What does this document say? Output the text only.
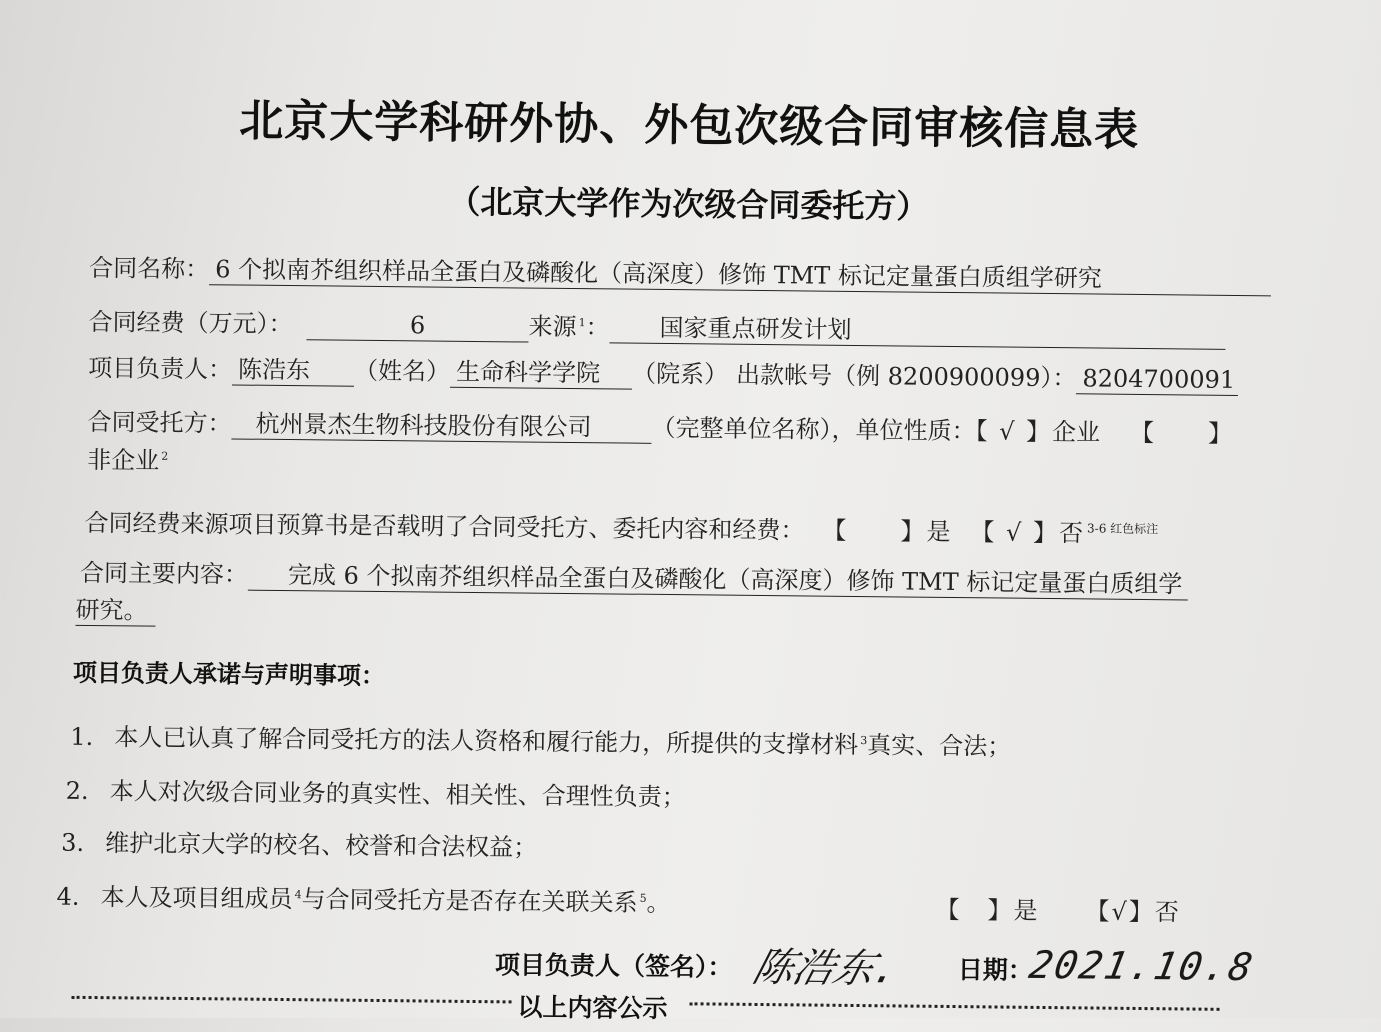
北京大学科研外协、外包次级合同审核信息表
（北京大学作为次级合同委托方）
合同名称： 6 个拟南芥组织样品全蛋白及磷酸化（高深度）修饰 TMT 标记定量蛋白质组学研究
合同经费（万元）：	6	来源 $^1$： 国家重点研发计划
项目负责人： 陈浩东 （姓名） 生命科学学院 （院系） 出款帐号（例 8200900099）： 8204700091
合同受托方： 杭州景杰生物科技股份有限公司 （完整单位名称），单位性质：【 √ 】企业 【　　】
非企业 $^2$
合同经费来源项目预算书是否载明了合同受托方、委托内容和经费： 【　　】是 【 √ 】否 $^{3-6 红色标注}$
合同主要内容： 完成 6 个拟南芥组织样品全蛋白及磷酸化（高深度）修饰 TMT 标记定量蛋白质组学
研究。
项目负责人承诺与声明事项：
1. 本人已认真了解合同受托方的法人资格和履行能力，所提供的支撑材料 $^3$真实、合法；
2. 本人对次级合同业务的真实性、相关性、合理性负责；
3. 维护北京大学的校名、校誉和合法权益；
4. 本人及项目组成员 $^4$与合同受托方是否存在关联关系 $^5$。	【　】是 【√】否
项目负责人（签名）： 陈浩东. 日期：
2021.10.8
以上内容公示
